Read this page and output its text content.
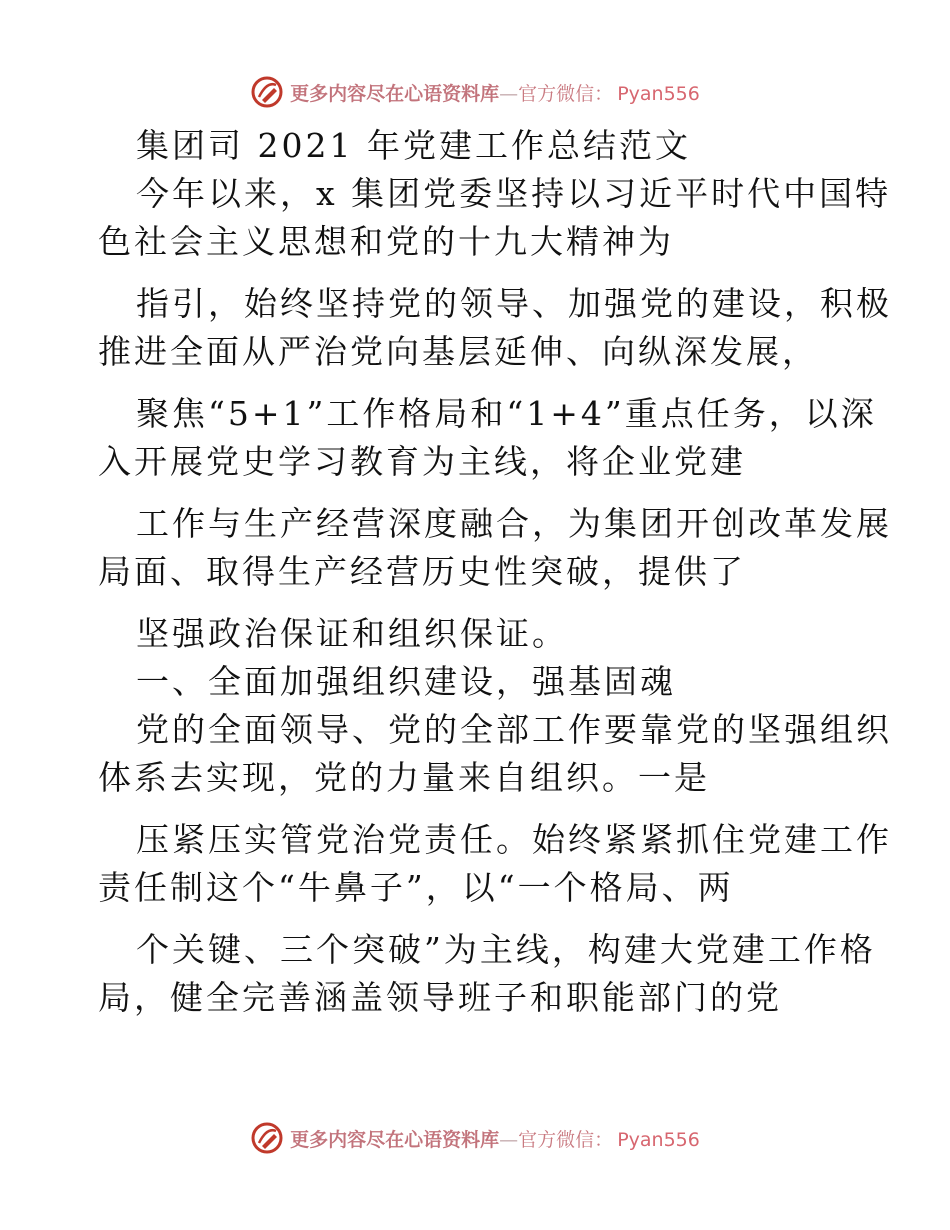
更多内容尽在心语资料库—官方微信： Pyan556
集团司 2021 年党建工作总结范文
今年以来，x 集团党委坚持以习近平时代中国特
色社会主义思想和党的十九大精神为
指引，始终坚持党的领导、加强党的建设，积极
推进全面从严治党向基层延伸、向纵深发展，
聚焦“5+1”工作格局和“1+4”重点任务，以深
入开展党史学习教育为主线，将企业党建
工作与生产经营深度融合，为集团开创改革发展
局面、取得生产经营历史性突破，提供了
坚强政治保证和组织保证。
一、全面加强组织建设，强基固魂
党的全面领导、党的全部工作要靠党的坚强组织
体系去实现，党的力量来自组织。一是
压紧压实管党治党责任。始终紧紧抓住党建工作
责任制这个“牛鼻子”，以“一个格局、两
个关键、三个突破”为主线，构建大党建工作格
局，健全完善涵盖领导班子和职能部门的党
更多内容尽在心语资料库—官方微信： Pyan556
